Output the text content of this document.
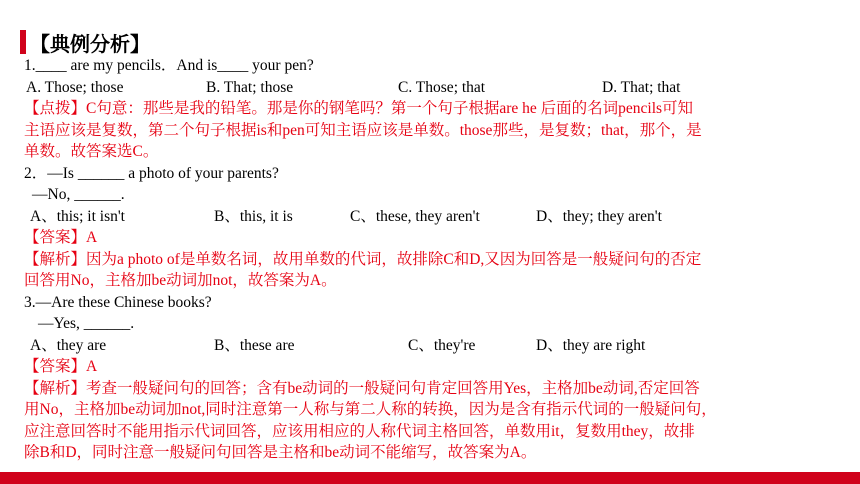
【典例分析】
1.____ are my pencils．And is____ your pen?
A. Those; those	B. That; those	C. Those; that	D. That; that
【点拨】C句意：那些是我的铅笔。那是你的钢笔吗？第一个句子根据are he 后面的名词pencils可知
主语应该是复数，第二个句子根据is和pen可知主语应该是单数。those那些，是复数；that，那个，是
单数。故答案选C。
2．—Is ______ a photo of your parents?
—No, ______.
A、this; it isn't	B、this, it is	C、these, they aren't	D、they; they aren't
【答案】A
【解析】因为a photo of是单数名词，故用单数的代词，故排除C和D,又因为回答是一般疑问句的否定
回答用No，主格加be动词加not，故答案为A。
3.—Are these Chinese books?
—Yes, ______.
A、they are	B、these are	C、they're	D、they are right
【答案】A
【解析】考查一般疑问句的回答；含有be动词的一般疑问句肯定回答用Yes，主格加be动词,否定回答
用No，主格加be动词加not,同时注意第一人称与第二人称的转换，因为是含有指示代词的一般疑问句，
应注意回答时不能用指示代词回答，应该用相应的人称代词主格回答，单数用it，复数用they，故排
除B和D，同时注意一般疑问句回答是主格和be动词不能缩写，故答案为A。
